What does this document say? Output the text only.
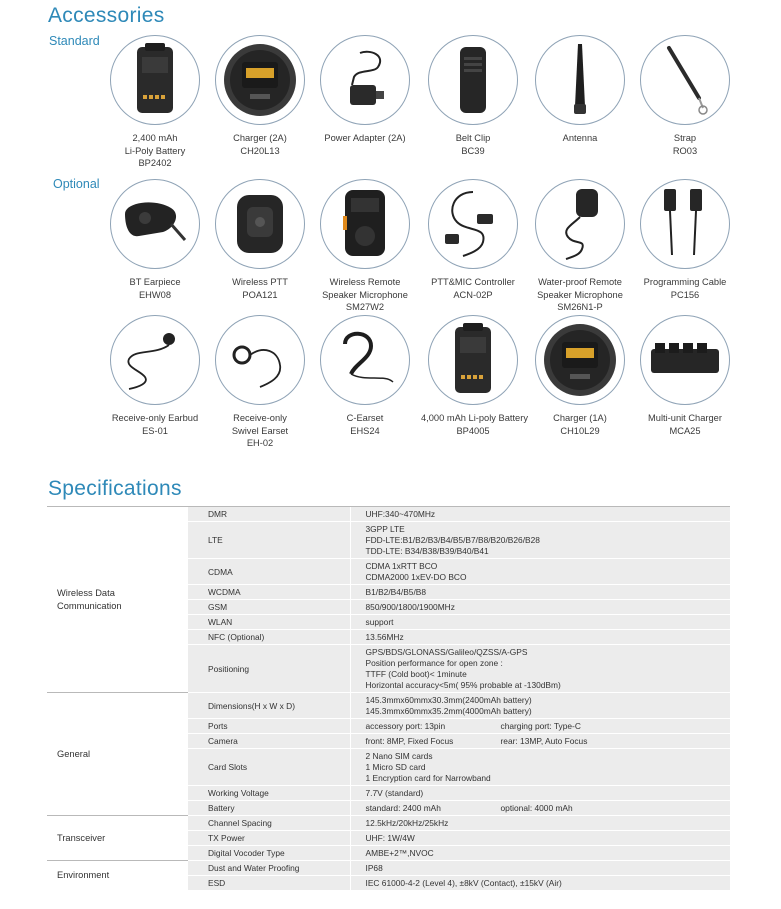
Accessories
Standard
Optional
2,400 mAh
Li-Poly Battery
BP2402
Charger (2A)
CH20L13
Power Adapter (2A)	Belt Clip
BC39
Antenna	Strap
RO03
BT Earpiece
EHW08
Wireless PTT
POA121
Wireless Remote
Speaker Microphone
SM27W2
PTT&MIC Controller
ACN-02P
Water-proof Remote
Speaker Microphone
SM26N1-P
Programming Cable
PC156
Receive-only Earbud
ES-01
Receive-only
Swivel Earset
EH-02
C-Earset
EHS24
4,000 mAh Li-poly Battery
BP4005
Charger (1A)
CH10L29
Multi-unit Charger
MCA25
Specifications
Wireless Data
Communication	DMR	UHF:340~470MHz

	LTE	3GPP LTE
FDD-LTE:B1/B2/B3/B4/B5/B7/B8/B20/B26/B28
TDD-LTE: B34/B38/B39/B40/B41

	CDMA	CDMA 1xRTT BCO
CDMA2000 1xEV-DO BCO

	WCDMA	B1/B2/B4/B5/B8

	GSM	850/900/1800/1900MHz

	WLAN	support

	NFC (Optional)	13.56MHz

	Positioning	GPS/BDS/GLONASS/Galileo/QZSS/A-GPS
Position performance for open zone :
TTFF (Cold boot)< 1minute
Horizontal accuracy<5m( 95% probable at -130dBm)

General	Dimensions(H x W x D)	145.3mmx60mmx30.3mm(2400mAh battery)
145.3mmx60mmx35.2mm(4000mAh battery)

	Ports	accessory port: 13pin charging port: Type-C

	Camera	front: 8MP, Fixed Focus rear: 13MP, Auto Focus

	Card Slots	2 Nano SIM cards
1 Micro SD card
1 Encryption card for Narrowband

	Working Voltage	7.7V (standard)

	Battery	standard: 2400 mAh optional: 4000 mAh

Transceiver	Channel Spacing	12.5kHz/20kHz/25kHz

	TX Power	UHF: 1W/4W

	Digital Vocoder Type	AMBE+2™,NVOC

Environment	Dust and Water Proofing	IP68

	ESD	IEC 61000-4-2 (Level 4), ±8kV (Contact), ±15kV (Air)
